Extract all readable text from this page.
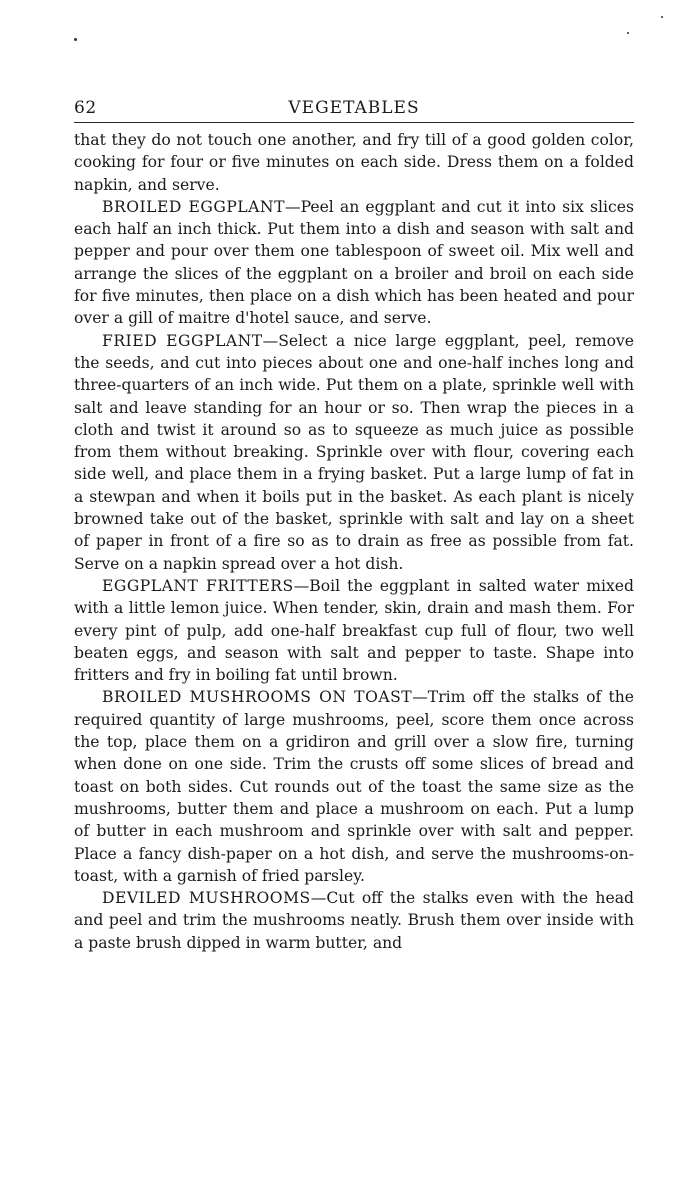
62	VEGETABLES

that they do not touch one another, and fry till of a good golden color, cooking for four or five minutes on each side. Dress them on a folded napkin, and serve.

BROILED EGGPLANT—Peel an eggplant and cut it into six slices each half an inch thick. Put them into a dish and season with salt and pepper and pour over them one tablespoon of sweet oil. Mix well and arrange the slices of the eggplant on a broiler and broil on each side for five minutes, then place on a dish which has been heated and pour over a gill of maitre d'hotel sauce, and serve.

FRIED EGGPLANT—Select a nice large eggplant, peel, remove the seeds, and cut into pieces about one and one-half inches long and three-quarters of an inch wide. Put them on a plate, sprinkle well with salt and leave standing for an hour or so. Then wrap the pieces in a cloth and twist it around so as to squeeze as much juice as possible from them without breaking. Sprinkle over with flour, covering each side well, and place them in a frying basket. Put a large lump of fat in a stewpan and when it boils put in the basket. As each plant is nicely browned take out of the basket, sprinkle with salt and lay on a sheet of paper in front of a fire so as to drain as free as possible from fat. Serve on a napkin spread over a hot dish.

EGGPLANT FRITTERS—Boil the eggplant in salted water mixed with a little lemon juice. When tender, skin, drain and mash them. For every pint of pulp, add one-half breakfast cup full of flour, two well beaten eggs, and season with salt and pepper to taste. Shape into fritters and fry in boiling fat until brown.

BROILED MUSHROOMS ON TOAST—Trim off the stalks of the required quantity of large mushrooms, peel, score them once across the top, place them on a gridiron and grill over a slow fire, turning when done on one side. Trim the crusts off some slices of bread and toast on both sides. Cut rounds out of the toast the same size as the mushrooms, butter them and place a mushroom on each. Put a lump of butter in each mushroom and sprinkle over with salt and pepper. Place a fancy dish-paper on a hot dish, and serve the mushrooms-on-toast, with a garnish of fried parsley.

DEVILED MUSHROOMS—Cut off the stalks even with the head and peel and trim the mushrooms neatly. Brush them over inside with a paste brush dipped in warm butter, and
